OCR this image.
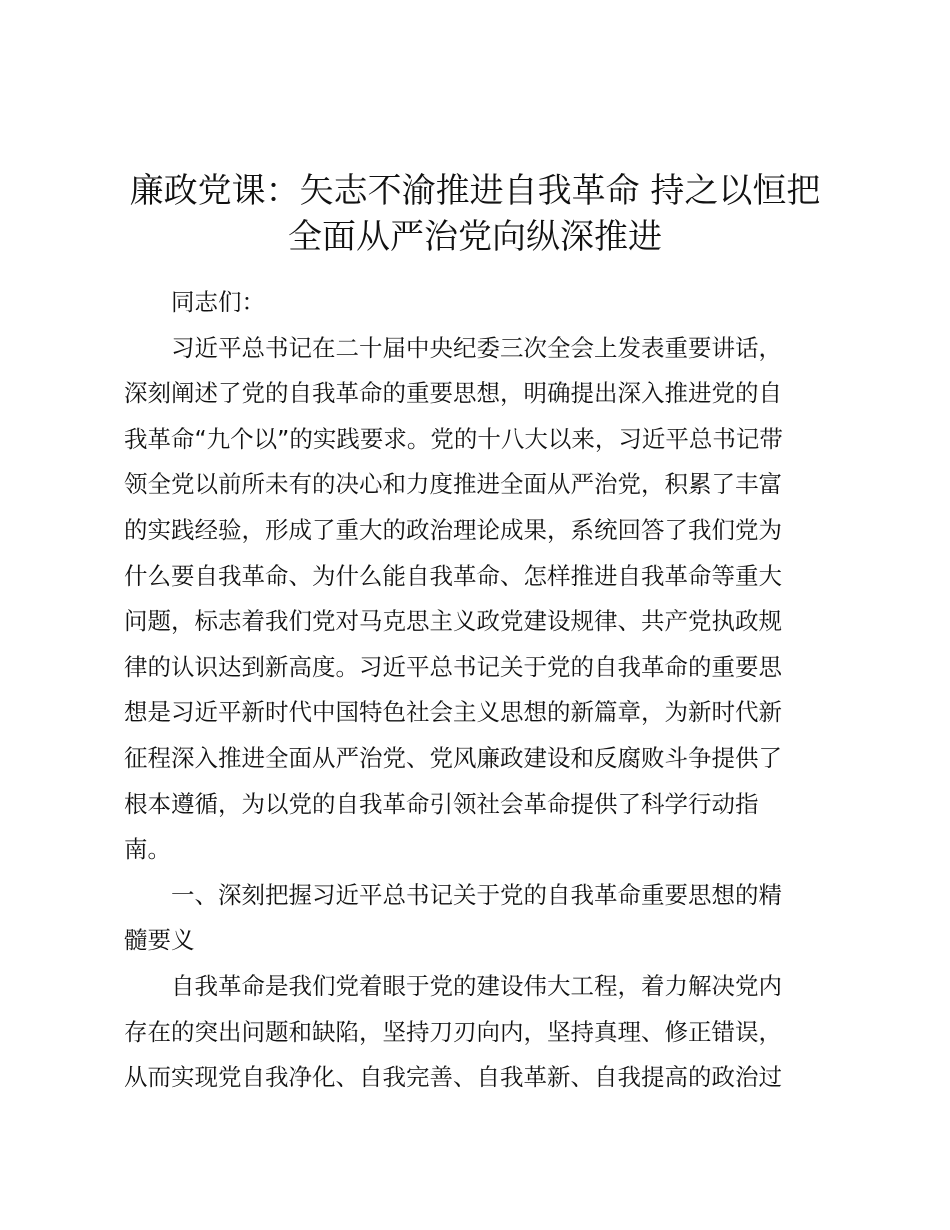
廉政党课：矢志不渝推进自我革命 持之以恒把
全面从严治党向纵深推进
同志们：
习近平总书记在二十届中央纪委三次全会上发表重要讲话，
深刻阐述了党的自我革命的重要思想，明确提出深入推进党的自
我革命“九个以”的实践要求。党的十八大以来，习近平总书记带
领全党以前所未有的决心和力度推进全面从严治党，积累了丰富
的实践经验，形成了重大的政治理论成果，系统回答了我们党为
什么要自我革命、为什么能自我革命、怎样推进自我革命等重大
问题，标志着我们党对马克思主义政党建设规律、共产党执政规
律的认识达到新高度。习近平总书记关于党的自我革命的重要思
想是习近平新时代中国特色社会主义思想的新篇章，为新时代新
征程深入推进全面从严治党、党风廉政建设和反腐败斗争提供了
根本遵循，为以党的自我革命引领社会革命提供了科学行动指
南。
一、深刻把握习近平总书记关于党的自我革命重要思想的精
髓要义
自我革命是我们党着眼于党的建设伟大工程，着力解决党内
存在的突出问题和缺陷，坚持刀刃向内，坚持真理、修正错误，
从而实现党自我净化、自我完善、自我革新、自我提高的政治过
